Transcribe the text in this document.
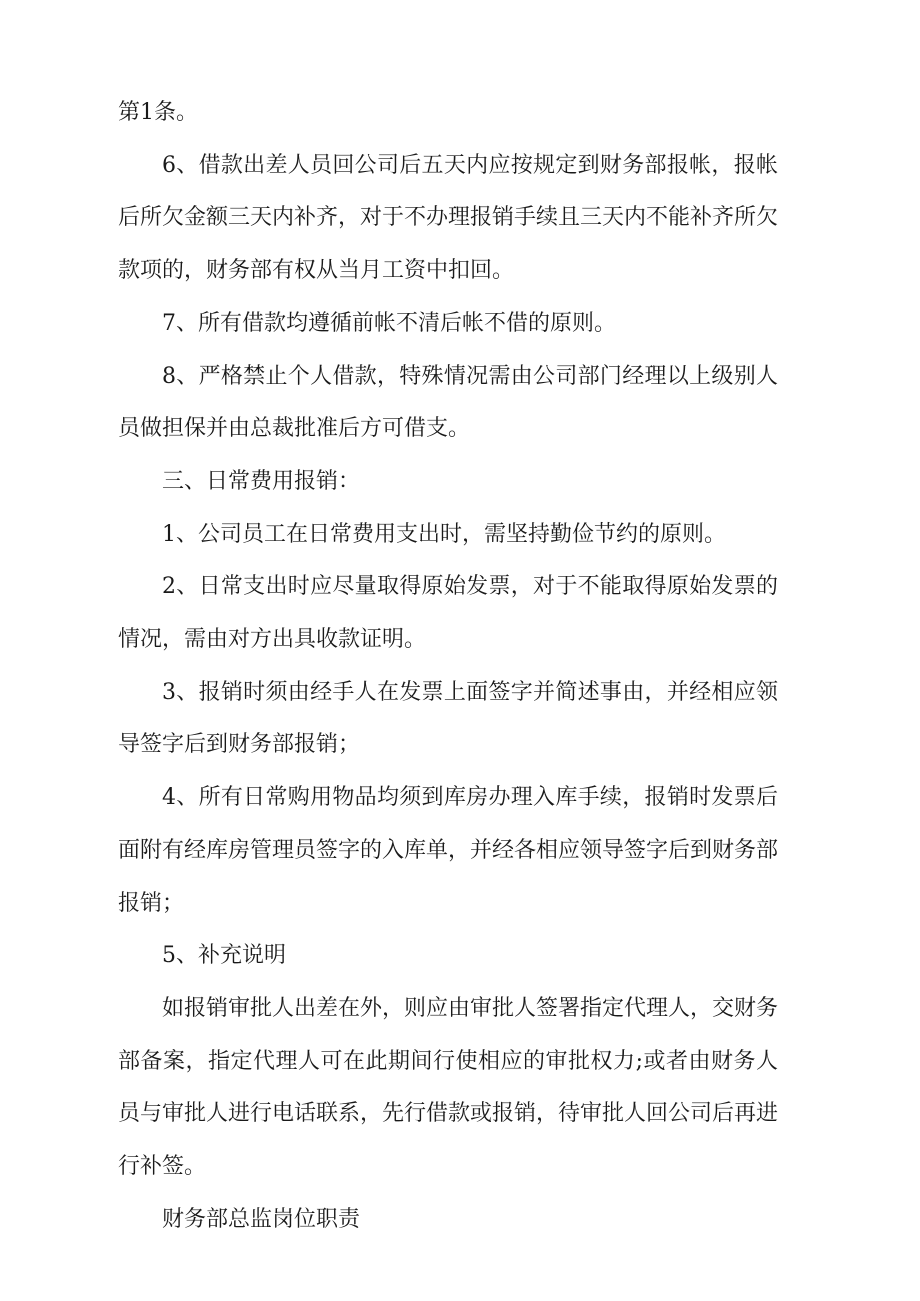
第1条。

6、借款出差人员回公司后五天内应按规定到财务部报帐，报帐后所欠金额三天内补齐，对于不办理报销手续且三天内不能补齐所欠款项的，财务部有权从当月工资中扣回。

7、所有借款均遵循前帐不清后帐不借的原则。

8、严格禁止个人借款，特殊情况需由公司部门经理以上级别人员做担保并由总裁批准后方可借支。

三、日常费用报销：

1、公司员工在日常费用支出时，需坚持勤俭节约的原则。

2、日常支出时应尽量取得原始发票，对于不能取得原始发票的情况，需由对方出具收款证明。

3、报销时须由经手人在发票上面签字并简述事由，并经相应领导签字后到财务部报销；

4、所有日常购用物品均须到库房办理入库手续，报销时发票后面附有经库房管理员签字的入库单，并经各相应领导签字后到财务部报销；

5、补充说明

如报销审批人出差在外，则应由审批人签署指定代理人，交财务部备案，指定代理人可在此期间行使相应的审批权力;或者由财务人员与审批人进行电话联系，先行借款或报销，待审批人回公司后再进行补签。

财务部总监岗位职责
